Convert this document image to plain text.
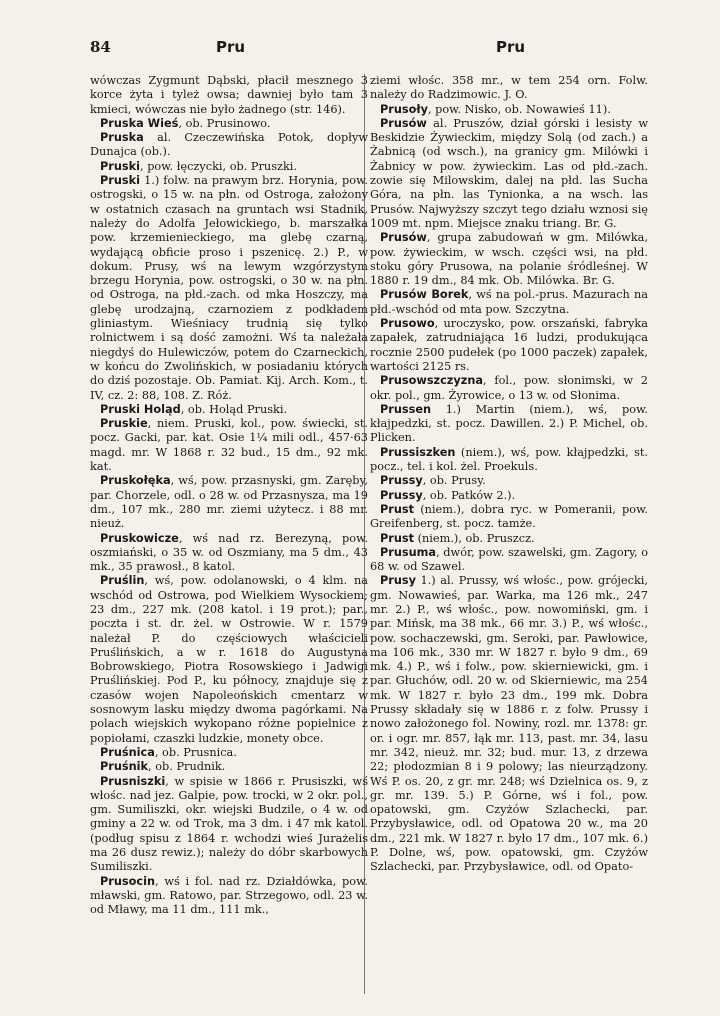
84	Pru	Pru
wówczas Zygmunt Dąbski, płacił mesznego 3 korce żyta i tyleż owsa; dawniej było tam 3 kmieci, wówczas nie było żadnego (str. 146).
Pruska Wieś, ob. Prusinowo.
Pruska al. Czeczewińska Potok, dopływ Dunajca (ob.).
Pruski, pow. łęczycki, ob. Pruszki.
Pruski 1.) folw. na prawym brz. Horynia, pow. ostrogski, o 15 w. na płn. od Ostroga, założony w ostatnich czasach na gruntach wsi Stadnik, należy do Adolfa Jełowickiego, b. marszałka pow. krzemienieckiego, ma glebę czarną, wydającą obficie proso i pszenicę. 2.) P., w dokum. Prusy, wś na lewym wzgórzystym brzegu Horynia, pow. ostrogski, o 30 w. na płn. od Ostroga, na płd.-zach. od mka Hoszczy, ma glebę urodzajną, czarnoziem z podkładem gliniastym. Wieśniacy trudnią się tylko rolnictwem i są dość zamożni. Wś ta należała niegdyś do Hulewiczów, potem do Czarneckich, w końcu do Zwolińskich, w posiadaniu których do dziś pozostaje. Ob. Pamiat. Kij. Arch. Kom., t. IV, cz. 2: 88, 108. Z. Róż.
Pruski Holąd, ob. Holąd Pruski.
Pruskie, niem. Pruski, kol., pow. świecki, st. pocz. Gacki, par. kat. Osie 1¼ mili odl., 457·63 magd. mr. W 1868 r. 32 bud., 15 dm., 92 mk. kat.
Pruskołęka, wś, pow. przasnyski, gm. Zaręby, par. Chorzele, odl. o 28 w. od Przasnysza, ma 19 dm., 107 mk., 280 mr. ziemi użytecz. i 88 mr. nieuż.
Pruskowicze, wś nad rz. Berezyną, pow. oszmiański, o 35 w. od Oszmiany, ma 5 dm., 43 mk., 35 prawosł., 8 katol.
Pruślin, wś, pow. odolanowski, o 4 klm. na wschód od Ostrowa, pod Wielkiem Wysockiem; 23 dm., 227 mk. (208 katol. i 19 prot.); par., poczta i st. dr. żel. w Ostrowie. W r. 1579 należał P. do częściowych właścicieli Pruślińskich, a w r. 1618 do Augustyna Bobrowskiego, Piotra Rosowskiego i Jadwigi Pruślińskiej. Pod P., ku północy, znajduje się z czasów wojen Napoleońskich cmentarz w sosnowym lasku między dwoma pagórkami. Na polach wiejskich wykopano różne popielnice z popiołami, czaszki ludzkie, monety obce.
Pruśnica, ob. Prusnica.
Pruśnik, ob. Prudnik.
Prusniszki, w spisie w 1866 r. Prusiszki, wś włośc. nad jez. Galpie, pow. trocki, w 2 okr. pol., gm. Sumiliszki, okr. wiejski Budzile, o 4 w. od gminy a 22 w. od Trok, ma 3 dm. i 47 mk katol. (podług spisu z 1864 r. wchodzi wieś Jurażelis ma 26 dusz rewiz.); należy do dóbr skarbowych Sumiliszki.
Prusocin, wś i fol. nad rz. Działdówka, pow. mławski, gm. Ratowo, par. Strzegowo, odl. 23 w. od Mławy, ma 11 dm., 111 mk.,
ziemi włośc. 358 mr., w tem 254 orn. Folw. należy do Radzimowic. J. O.
Prusoły, pow. Nisko, ob. Nowawieś 11).
Prusów al. Pruszów, dział górski i lesisty w Beskidzie Żywieckim, między Solą (od zach.) a Żabnicą (od wsch.), na granicy gm. Milówki i Żabnicy w pow. żywieckim. Las od płd.-zach. zowie się Milowskim, dalej na płd. las Sucha Góra, na płn. las Tynionka, a na wsch. las Prusów. Najwyższy szczyt tego działu wznosi się 1009 mt. npm. Miejsce znaku triang. Br. G.
Prusów, grupa zabudowań w gm. Milówka, pow. żywieckim, w wsch. części wsi, na płd. stoku góry Prusowa, na polanie śródleśnej. W 1880 r. 19 dm., 84 mk. Ob. Milówka. Br. G.
Prusów Borek, wś na pol.-prus. Mazurach na płd.-wschód od mta pow. Szczytna.
Prusowo, uroczysko, pow. orszański, fabryka zapałek, zatrudniająca 16 ludzi, produkująca rocznie 2500 pudełek (po 1000 paczek) zapałek, wartości 2125 rs.
Prusowszczyzna, fol., pow. słonimski, w 2 okr. pol., gm. Żyrowice, o 13 w. od Słonima.
Prussen 1.) Martin (niem.), wś, pow. kłajpedzki, st. pocz. Dawillen. 2.) P. Michel, ob. Plicken.
Prussiszken (niem.), wś, pow. kłajpedzki, st. pocz., tel. i kol. żel. Proekuls.
Prussy, ob. Prusy.
Prussy, ob. Patków 2.).
Prust (niem.), dobra ryc. w Pomeranii, pow. Greifenberg, st. pocz. tamże.
Prust (niem.), ob. Pruszcz.
Prusuma, dwór, pow. szawelski, gm. Zagory, o 68 w. od Szawel.
Prusy 1.) al. Prussy, wś włośc., pow. grójecki, gm. Nowawieś, par. Warka, ma 126 mk., 247 mr. 2.) P., wś włośc., pow. nowomiński, gm. i par. Mińsk, ma 38 mk., 66 mr. 3.) P., wś włośc., pow. sochaczewski, gm. Seroki, par. Pawłowice, ma 106 mk., 330 mr. W 1827 r. było 9 dm., 69 mk. 4.) P., wś i folw., pow. skierniewicki, gm. i par. Głuchów, odl. 20 w. od Skierniewic, ma 254 mk. W 1827 r. było 23 dm., 199 mk. Dobra Prussy składały się w 1886 r. z folw. Prussy i nowo założonego fol. Nowiny, rozl. mr. 1378: gr. or. i ogr. mr. 857, łąk mr. 113, past. mr. 34, lasu mr. 342, nieuż. mr. 32; bud. mur. 13, z drzewa 22; płodozmian 8 i 9 polowy; las nieurządzony. Wś P. os. 20, z gr. mr. 248; wś Dzielnica os. 9, z gr. mr. 139. 5.) P. Górne, wś i fol., pow. opatowski, gm. Czyżów Szlachecki, par. Przybysławice, odl. od Opatowa 20 w., ma 20 dm., 221 mk. W 1827 r. było 17 dm., 107 mk. 6.) P. Dolne, wś, pow. opatowski, gm. Czyżów Szlachecki, par. Przybysławice, odl. od Opato-
